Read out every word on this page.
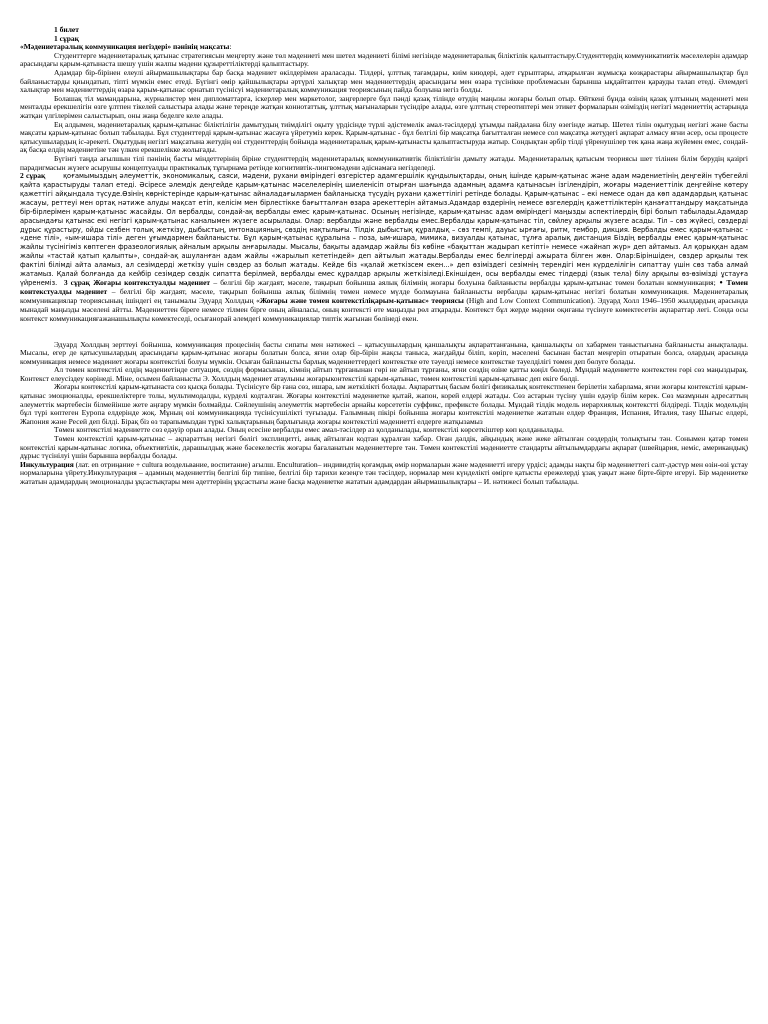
1 билет

1 сұрақ

«Мәдениетаралық коммуникация негіздері» пәнінің мақсаты:

Студенттерге мәдениетаралық қатынас стратегиясын меңгерту және төл мәдениеті мен шетел мәдениеті білімі негізінде мәдениетаралық біліктілік қалыптастыру.Студенттердің коммуникативтік мәселелерін адамдар арасындағы қарым-қатынаста шешу үшін жалпы мәдени құзыреттіліктерді қалыптастыру.

Адамдар бір-бірінен елеулі айырмашылықтары бар басқа мәдениет өкілдерімен араласады. Тілдері, ұлттық тағамдары, киім киюдері, әдет ғұрыптары, атқарылған жұмысқа көзқарастары айырмашылықтар бұл байланыстарды қиындатып, тіпті мүмкін емес етеді. Бүгінгі өмір қайшылықтары әртүрлі халықтар мен мәдениеттердің арасындағы мен өзара түсінікке проблемасын барынша ықдайтаптен қарауды талап етеді. Әлемдегі халықтар мен мәдениеттердің өзара қарым-қатынас орнатып түсінісуі мәдениетаралық коммуникация теориясының пайда болуына негіз болды.

Болашақ тіл мамандарына, журналистер мен дипломаттарға, іскерлер мен маркетолог, заңгерлерге бұл пәнді қазақ тілінде өтудің маңызы жоғары болып отыр. Өйткені бұнда өзінің қазақ ұлтының мәдениеті мен менталды ерекшелігін өзге ұлтпен тікелей салыстыра алады және тереңде жатқан коннотаттық, ұлттық мағыналарын түсіндіре алады, өзге ұлттың стереотиптері мен этикет формаларын өзіміздің негізгі мәдениеттің астарында жатқан үлгілерімен салыстырып, оны жаңа беделге келе алады.

Ең алдымен, мәдениетаралық қарым-қатынас біліктілігін дамытудың тиімділігі оқыту үрдісінде түрлі әдістемелік амал-тәсілдерді ұтымды пайдалана білу өзегінде жатыр. Шетел тілін оқытудың негізгі және басты мақсаты қарым-қатынас болып табылады. Бұл студенттерді қарым-қатынас жасауға үйретуміз керек. Қарым-қатынас - бұл белгілі бір мақсатқа бағытталған немесе сол мақсатқа жетудегі ақпарат алмасу яғни әсер, осы процесте қатысушылардың іс-әрекеті. Оқытудың негізгі мақсатына жетудің өзі студенттердің бойында мәдениетаралық қарым-қатынасты қалыптастыруда жатыр. Сондықтан әрбір тілді үйренушілер тек қана жаңа жүйемен емес, сондай-ақ басқа елдің мәдениетіне тән үлкен ерекшелікке жолығады.

Бүгінгі таңда ағылшын тілі пәнінің басты міндеттерінің біріне студенттердің мәдениетаралық коммуникативтік біліктілігін дамыту жатады. Мәдениетаралық қатысым теориясы шет тілінен білім берудің қазіргі парадигмасын жүзеге асырушы концептуалды практикалық тұғырнама ретінде когнитивтік-лингвомәдени әдіснамаға негізделеді.

2 сұрақ	қоғамымыздың әлеуметтік, экономикалық, саяси, мәдени, рухани өміріндегі өзгерістер адамгершілік құндылықтарды, оның ішінде қарым-қатынас және адам мәдениетінің деңгейін түбегейлі қайта қарастыруды талап етеді. Әсіресе әлемдік деңгейде қарым-қатынас мәселелерінің шиеленісіп отырған шағында адамның адамға қатынасын ізгілендіріп, жоғары мәдениеттілік деңгейіне көтеру қажеттігі айқындала түсуде.Өзінің көрністерінде қарым-қатынас айналадағылармен байланысқа түсудің рухани қажеттілігі ретінде болады. Қарым-қатынас – екі немесе одан да көп адамдардың қатынас жасауы, реттеуі мен ортақ нәтиже алуды мақсат етіп, келісім мен бірлестікке бағытталған өзара әрекеттерін айтамыз.Адамдар өздерінің немесе өзгелердің қажеттіліктерін қанағаттандыру мақсатында бір-бірлерімен қарым-қатынас жасайды. Ол вербалды, сондай-ақ вербалды емес қарым-қатынас. Осының негізінде, қарым-қатынас адам өміріндегі маңызды аспектілердің бірі болып табылады.Адамдар арасындағы қатынас екі негізгі қарым-қатынас каналымен жүзеге асырылады. Олар: вербалды және вербалды емес.Вербалды қарым-қатынас тіл, сөйлеу арқылы жүзеге асады. Тіл – сөз жүйесі, сөздерді дұрыс құрастыру, ойды сезбен толық жеткізу, дыбыстың, интонацияның, сөздің нақтылығы. Тілдік дыбыстық құралдық – сөз темпі, дауыс ырғағы, ритм, тембор, дикция. Вербалды емес қарым-қатынас - «дене тілі», «ым-ишара тілі» деген ұғымдармен байланысты. Бұл қарым-қатынас құралына – поза, ым-ишара, мимика, визуалды қатынас, тұлға аралық дистанция Біздің вербалды емес қарым-қатынас жайлы түсінігіміз көптеген фразеологиялық айналым арқылы анғарылады. Мысалы, бақыты адамдар жайлы біз көбіне «бақыттан жадырап кетіпті» немесе «жайнап жүр» деп айтамыз. Ал қорыққан адам жайлы «тастай қатып қалыпты», сондай-ақ ашуланған адам жайлы «жарылып кететіндей» деп айтылып жатады.Вербалды емес белгілерді ажырата білген жөн. Олар:Біріншіден, сөздер арқылы тек фактілі білімді айта аламыз, ал сезімдерді жеткізу үшін сөздер аз болып жатады. Кейде біз «қалай жеткізсем екен...» деп өзіміздегі сезімнің терендігі мен күрделілігін сипаттау үшін сөз таба алмай жатамыз. Қалай болғанда да кейбір сезімдер сөздік сипатта берілмей, вербалды емес құралдар арқылы жеткізіледі.Екіншіден, осы вербалды емес тілдерді (язык тела) білу арқылы өз-өзімізді ұстауға үйренеміз. 3 сұрақ Жоғары контекстуалды мәдениет – белгілі бір жағдаят, мәселе, тақырып бойынша аялық білімнің жоғары болуына байланысты вербалды қарым-қатынас төмен болатын коммуникация; • Төмен контекстуалды мәдениет – белгілі бір жағдаят, мәселе, тақырып бойынша аялық білімнің төмен немесе мүлде болмауына байланысты вербалды қарым-қатынас негізгі болатын коммуникация. Мәдениетаралық коммуникациялар теориясының ішіндегі ең танымалы Эдуард Холлдың «Жоғары және төмен контекстіліқарым-қатынас» теориясы (High and Low Context Communication). Эдуард Холл 1946–1950 жылдардың арасында мынадай маңызды мәселені айтты. Мәдениеттен біреге немесе тілмен бірге оның айналасы, оның контексті өте маңызды рөл атқарады. Контекст бұл жерде мәдени оқиғаны түсінуге көмектесетін ақпараттар легі. Сонда осы контекст коммуникацияғажанашылықты көмектеседі, осығанорай әлемдегі коммуникациялар типтік жағынан бөлінеді екен.

Эдуард Холлдың зерттеуі бойынша, коммуникация процесінің басты сипаты мен нәтижесі – қатысушылардың қаншалықты ақпараттанғанына, қаншалықты ол хабармен таныстығына байланысты анықталады. Мысалы, егер де қатысушылардың арасындағы қарым-қатынас жоғары болатын болса, яғни олар бір-бірін жақсы таныса, жағдайды біліп, көріп, мәселені басынан бастап меңгеріп отыратын болса, олардың арасында коммуникация немесе мәдениет жоғары контекстілі болуы мүмкін. Осыған байланысты барлық мәдениеттердегі контекстке өте тәуелді немесе контекстке тәуелділігі төмен деп бөлуге болады.

Ал төмен контекстілі елдің мәдениетінде ситуация, сөздің формасынан, кімнің айтып тұрғанынан гөрі не айтып тұрғаны, яғни сөздің өзіне қатты көңіл бөледі. Мұндай мәдениетте контекстен гөрі сөз маңыздырақ. Контекст елеусіздеу көрінеді. Міне, осымен байланысты Э. Холлдың мәдениет атаулыны жоғарыконтекстілі қарым-қатынас, төмен контекстілі қарым-қатынас деп екіге бөлді.

Жоғары контекстілі қарым-қатынаста сөз қысқа болады. Түсінісуге бір ғана сөз, ишара, ым жеткілікті болады. Ақпараттың басым бөлігі физикалық контекстпенен берілетін хабарлама, яғни жоғары контекстілі қарым-қатынас эмоционалды, ерекшеліктерге толы, мультимодалды, күрделі кодталған. Жоғары контекстілі мәдениетке қытай, жапон, корей елдері жатады. Сөз астарын түсіну үшін едәуір білім керек. Сөз мазмұнын адресаттың әлеуметтік мәртебесін білмейінше жете аңғару мүмкін болмайды. Сөйлеушінің әлеуметтік мәртебесін арнайы көрсететін суффикс, префиксте болады. Мұндай тілдік модель иерархиялық контекстті білдіреді. Тілдік модельдің бұл түрі көптеген Еуропа елдерінде жоқ. Мұның өзі коммуникацияда түсінісушілікті туғызады. Ғалымның пікірі бойынша жоғары контекстілі мәдениетке жататын елдер Франция, Испания, Италия, таяу Шығыс елдері, Жапония және Ресей деп білді. Бірақ біз өз тарапымыздан түркі халықтарының барлығында жоғары контекстілі мәдениетті елдерге жатқызамыз

Төмен контекстілі мәдениетте сөз едәуір орын алады. Оның есесіне вербалды емес амал-тәсілдер аз қолданылады, контекстілі көрсеткіштер көп қолданылады.

Төмен контекстілі қарым-қатынас – ақпараттың негізгі бөлігі эксплицитті, анық айтылған кодтан құралған хабар. Оған дәлдік, айқындық және жеке айтылған сөздердің толықтығы тән. Сонымен қатар төмен контекстілі қарым-қатынас логика, объективтілік, дарашылдық және бәсекелестік жоғары бағаланатын мәдениеттерге тән. Төмен контекстілі мәдениетте стандарты айтылымдардағы ақпарат (швейцария, неміс, американдық) дұрыс түсінілуі үшін барынша вербалды болады.

Инкультурация (лат. en отриңание + cultura воздельвание, воспитание) ағылш. Enculturation– индивидтің қоғамдық өмір нормаларын және мәдениетті игеру үрдісі; адамды нақты бір мәдениеттегі салт-дәстүр мен өзін-өзі ұстау нормаларына үйрету.Инкультурация – адамның мәдениеттің белгілі бір типіне, белгілі бір тарихи кезеңге тән тәсілдер, нормалар мен күнделікті өмірге қатысты ережелерді ұзақ уақыт және бірте-бірте игеруі. Бір мәдениетке жататын адамдардың эмоционалды ұқсастықтары мен әдеттерінің ұқсастығы және басқа мәдениетке жататын адамдардан айырмашылықтары – И. нәтижесі болып табылады.
